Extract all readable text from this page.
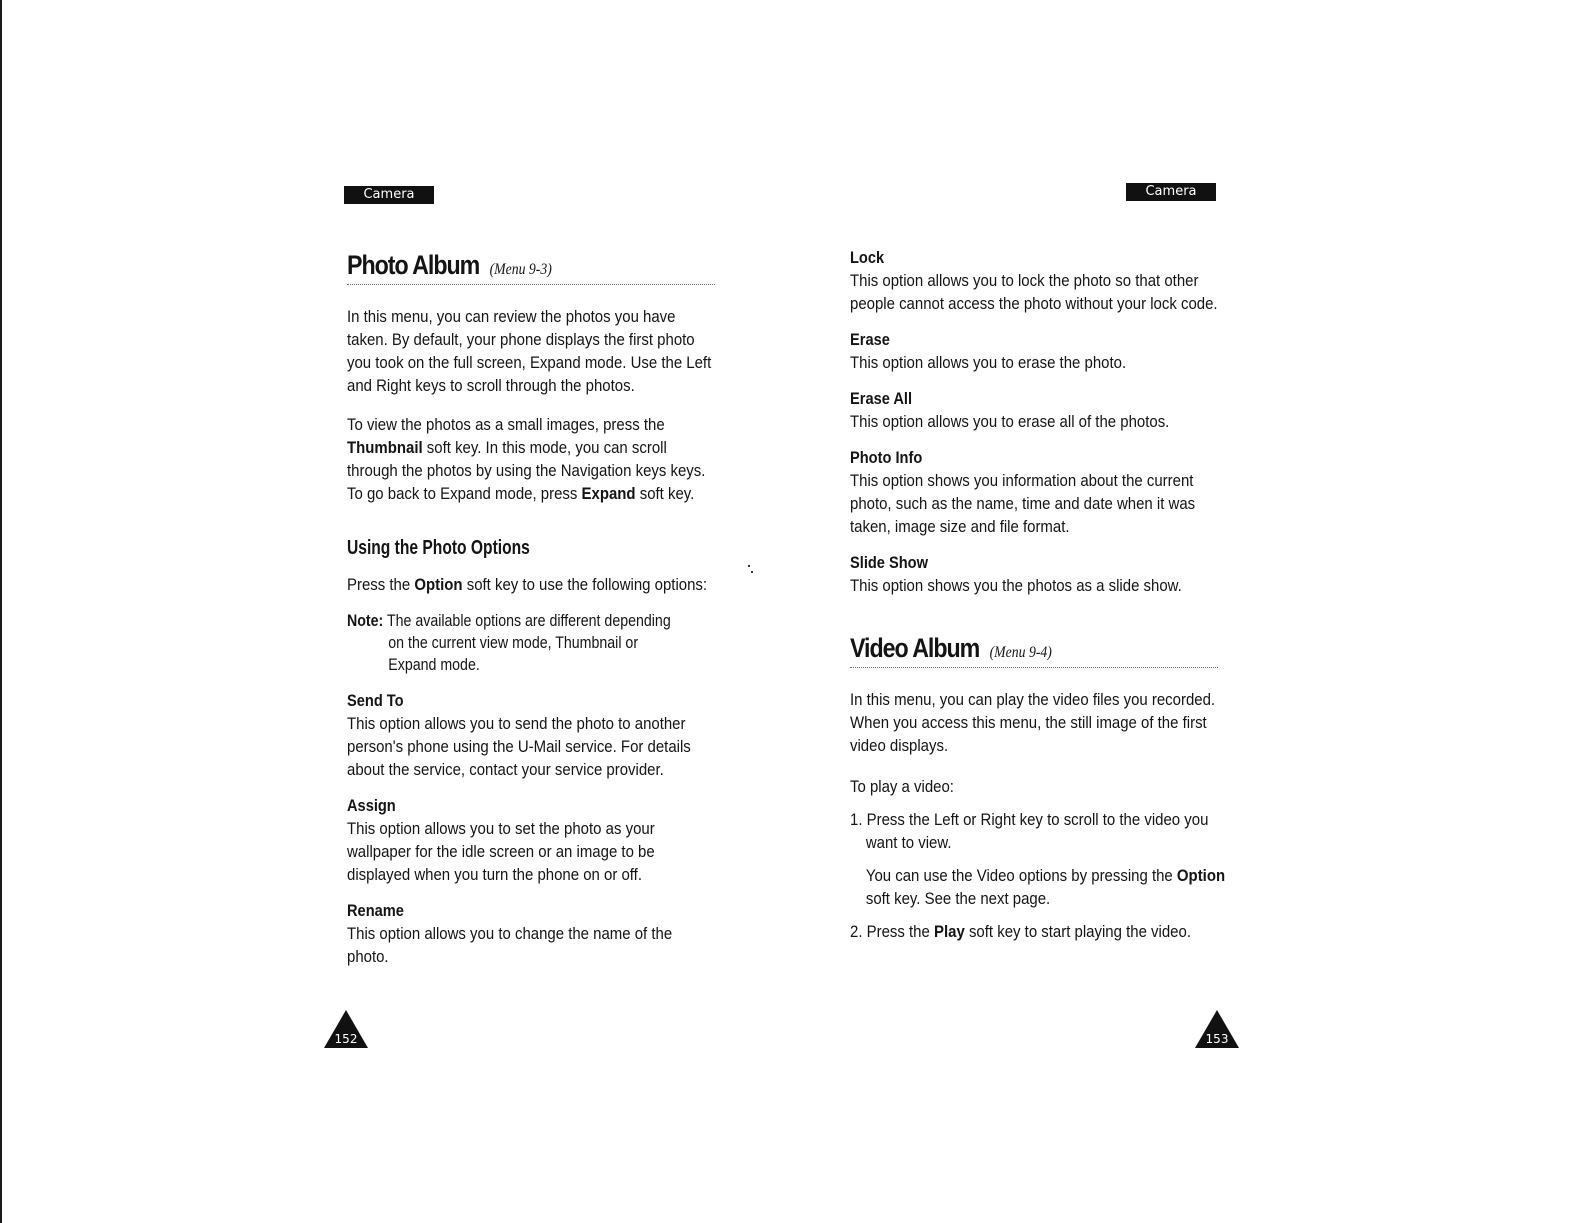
Camera
Photo Album (Menu 9-3)

In this menu, you can review the photos you have taken. By default, your phone displays the first photo you took on the full screen, Expand mode. Use the Left and Right keys to scroll through the photos.

To view the photos as a small images, press the Thumbnail soft key. In this mode, you can scroll through the photos by using the Navigation keys keys. To go back to Expand mode, press Expand soft key.

Using the Photo Options

Press the Option soft key to use the following options:

Note: The available options are different depending
on the current view mode, Thumbnail or
Expand mode.

Send To

This option allows you to send the photo to another person's phone using the U-Mail service. For details about the service, contact your service provider.

Assign

This option allows you to set the photo as your wallpaper for the idle screen or an image to be displayed when you turn the phone on or off.

Rename

This option allows you to change the name of the photo.

152
Camera
Lock

This option allows you to lock the photo so that other people cannot access the photo without your lock code.

Erase

This option allows you to erase the photo.

Erase All

This option allows you to erase all of the photos.

Photo Info

This option shows you information about the current photo, such as the name, time and date when it was taken, image size and file format.

Slide Show

This option shows you the photos as a slide show.

Video Album (Menu 9-4)

In this menu, you can play the video files you recorded. When you access this menu, the still image of the first video displays.

To play a video:

1. Press the Left or Right key to scroll to the video you want to view.

You can use the Video options by pressing the Option soft key. See the next page.

2. Press the Play soft key to start playing the video.

153
